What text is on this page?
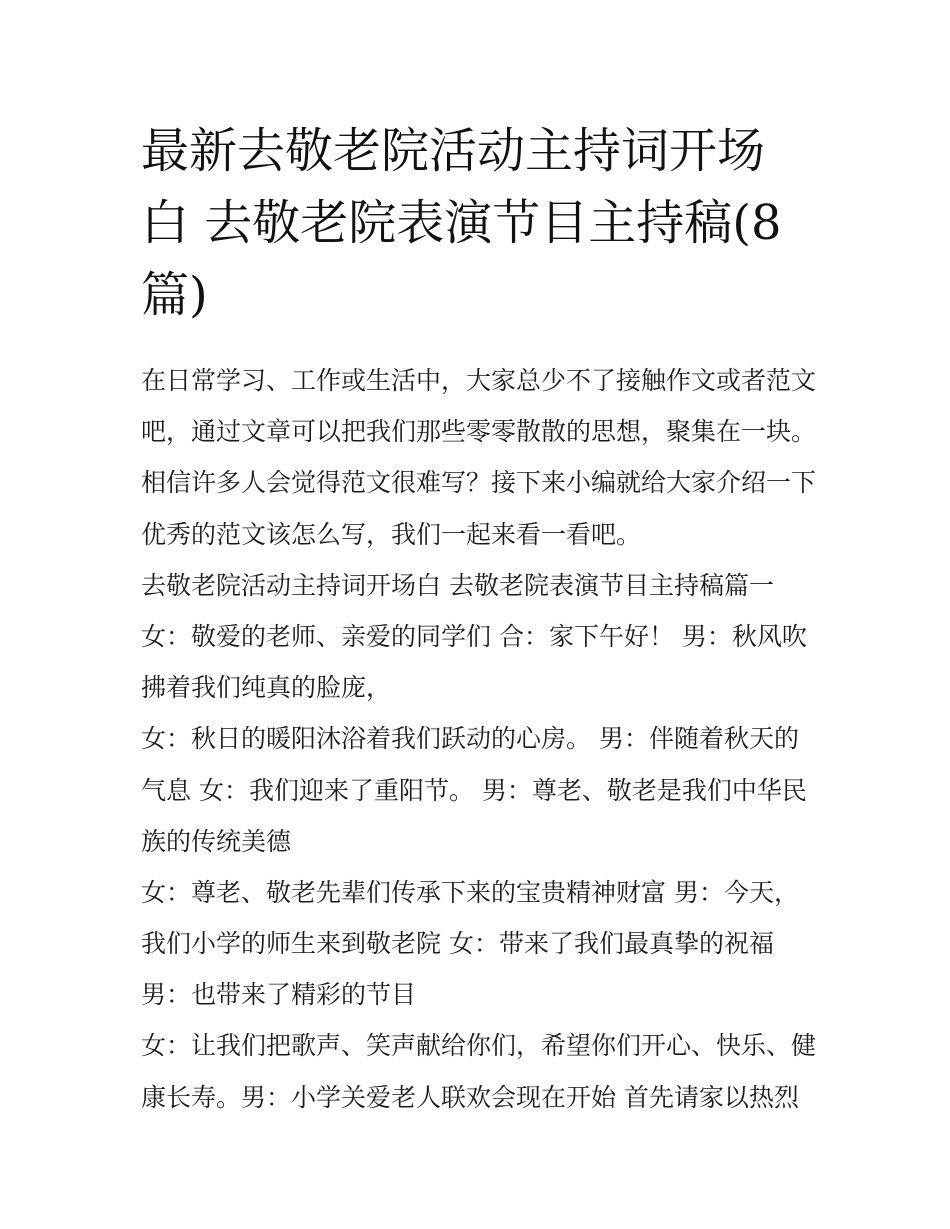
最新去敬老院活动主持词开场
白 去敬老院表演节目主持稿(8
篇)
在日常学习、工作或生活中，大家总少不了接触作文或者范文
吧，通过文章可以把我们那些零零散散的思想，聚集在一块。
相信许多人会觉得范文很难写？接下来小编就给大家介绍一下
优秀的范文该怎么写，我们一起来看一看吧。
去敬老院活动主持词开场白 去敬老院表演节目主持稿篇一
女：敬爱的老师、亲爱的同学们 合：家下午好！ 男：秋风吹
拂着我们纯真的脸庞，
女：秋日的暖阳沐浴着我们跃动的心房。 男：伴随着秋天的
气息 女：我们迎来了重阳节。 男：尊老、敬老是我们中华民
族的传统美德
女：尊老、敬老先辈们传承下来的宝贵精神财富 男：今天，
我们小学的师生来到敬老院 女：带来了我们最真挚的祝福
男：也带来了精彩的节目
女：让我们把歌声、笑声献给你们，希望你们开心、快乐、健
康长寿。男：小学关爱老人联欢会现在开始 首先请家以热烈
